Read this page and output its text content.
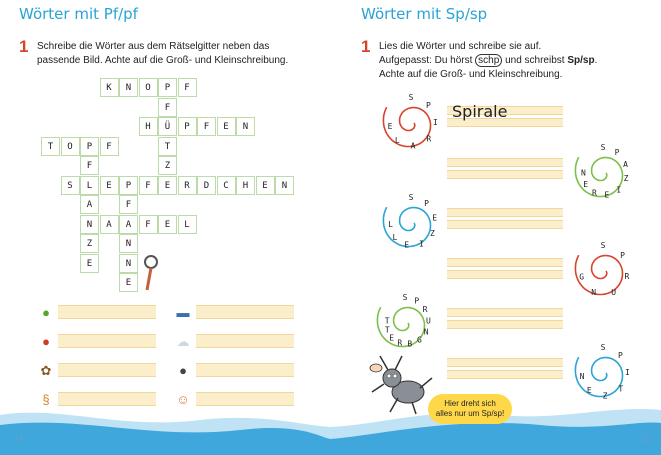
Wörter mit Pf/pf
1 Schreibe die Wörter aus dem Rätselgitter neben das
passende Bild. Achte auf die Groß- und Kleinschreibung.
K	N	O	P	F
H	Ü	P	F	E	N
T	O	P	F
S	L	E	P	F	E	R	D	C	H	E	N
A	A	F	E	L
F
N
N
E
F
A
N
Z
E
F
T
Z
●	▬
●	☁
✿	●
§	☺
14
Wörter mit Sp/sp
1 Lies die Wörter und schreibe sie auf.
Aufgepasst: Du hörst schp und schreibst Sp/sp.
Achte auf die Groß- und Kleinschreibung.
S
P
I
R
A
L
E
S
P
A
Z
I
E
R
E
N
S
P
E
Z
I
E
L
L
S
P
R
U
N
G
S P
R
U
N
G
B
R
E
T
T
S
P
I
T
Z
E
N
Spirale
Hier dreht sich
alles nur um Sp/sp!
15
